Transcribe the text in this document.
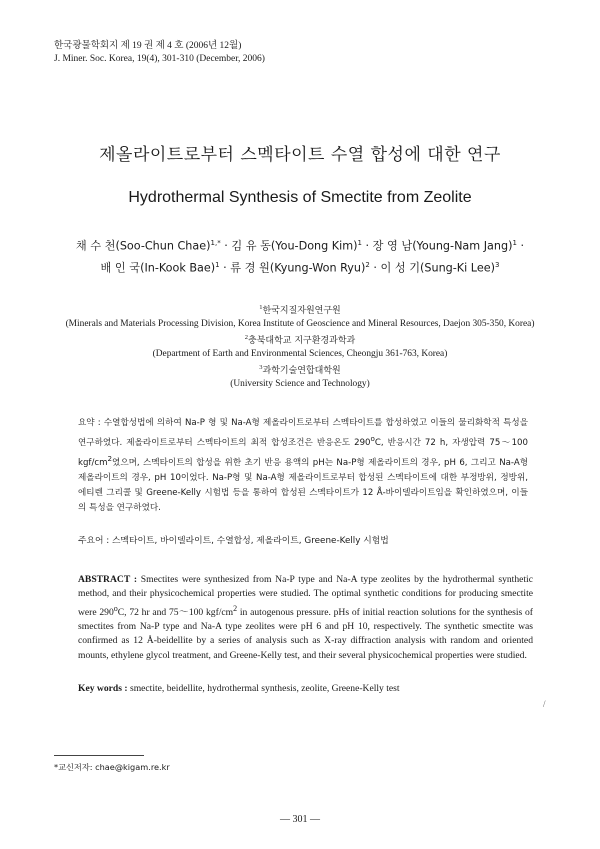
한국광물학회지 제 19 권 제 4 호 (2006년 12월)
J. Miner. Soc. Korea, 19(4), 301-310 (December, 2006)
제올라이트로부터 스멕타이트 수열 합성에 대한 연구
Hydrothermal Synthesis of Smectite from Zeolite
채 수 천(Soo-Chun Chae)$^{1,*}$ · 김 유 동(You-Dong Kim)$^1$ · 장 영 남(Young-Nam Jang)$^1$ ·
배 인 국(In-Kook Bae)$^1$ · 류 경 원(Kyung-Won Ryu)$^2$ · 이 성 기(Sung-Ki Lee)$^3$
$^1$한국지질자원연구원
(Minerals and Materials Processing Division, Korea Institute of Geoscience and Mineral Resources, Daejon 305-350, Korea)
$^2$충북대학교 지구환경과학과
(Department of Earth and Environmental Sciences, Cheongju 361-763, Korea)
$^3$과학기술연합대학원
(University Science and Technology)
요약 : 수열합성법에 의하여 Na-P 형 및 Na-A형 제올라이트로부터 스멕타이트를 합성하였고 이들의 물리화학적 특성을 연구하였다. 제올라이트로부터 스멕타이트의 최적 합성조건은 반응온도 290$^o$C, 반응시간 72 h, 자생압력 75～100 kgf/$cm^2$였으며, 스멕타이트의 합성을 위한 초기 반응 용액의 pH는 Na-P형 제올라이트의 경우, pH 6, 그리고 Na-A형 제올라이트의 경우, pH 10이었다. Na-P형 및 Na-A형 제올라이트로부터 합성된 스멕타이트에 대한 부정방위, 정방위, 에티렌 그리콜 및 Greene-Kelly 시험법 등을 통하여 합성된 스멕타이트가 12 Å-바이델라이트임을 확인하였으며, 이들의 특성을 연구하였다.
주요어 : 스멕타이트, 바이델라이트, 수열합성, 제올라이트, Greene-Kelly 시험법
ABSTRACT : Smectites were synthesized from Na-P type and Na-A type zeolites by the hydrothermal synthetic method, and their physicochemical properties were studied. The optimal synthetic conditions for producing smectite were 290$^o$C, 72 hr and 75～100 kgf/$cm^2$ in autogenous pressure. pHs of initial reaction solutions for the synthesis of smectites from Na-P type and Na-A type zeolites were pH 6 and pH 10, respectively. The synthetic smectite was confirmed as 12 Å-beidellite by a series of analysis such as X-ray diffraction analysis with random and oriented mounts, ethylene glycol treatment, and Greene-Kelly test, and their several physicochemical properties were studied.
Key words : smectite, beidellite, hydrothermal synthesis, zeolite, Greene-Kelly test
/
*교신저자: chae@kigam.re.kr
— 301 —
